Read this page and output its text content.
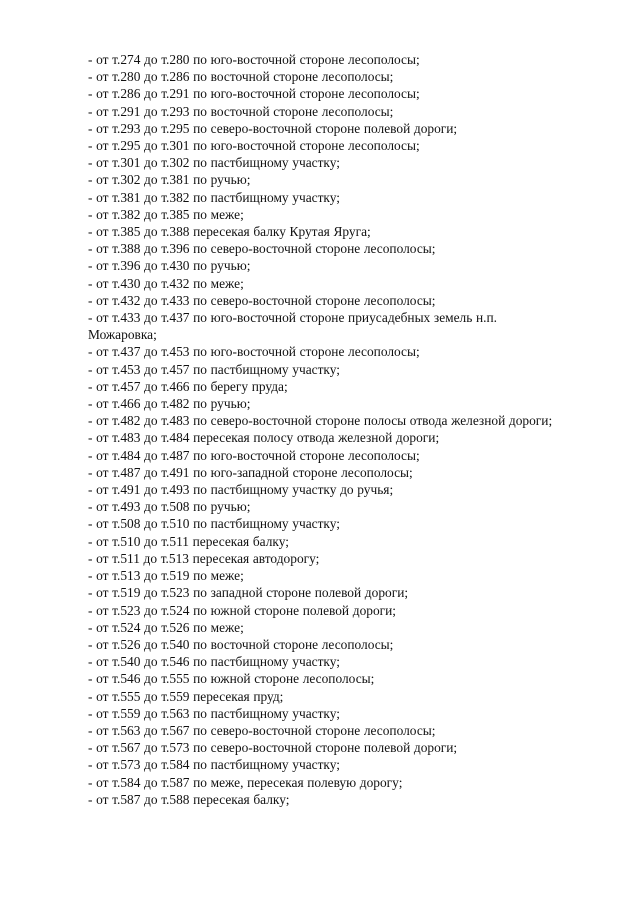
- от т.274 до т.280 по юго-восточной стороне лесополосы;
- от т.280 до т.286 по восточной стороне лесополосы;
- от т.286 до т.291 по юго-восточной стороне лесополосы;
- от т.291 до т.293 по восточной стороне лесополосы;
- от т.293 до т.295 по северо-восточной стороне полевой дороги;
- от т.295 до т.301 по юго-восточной стороне лесополосы;
- от т.301 до т.302 по пастбищному участку;
- от т.302 до т.381 по ручью;
- от т.381 до т.382 по пастбищному участку;
- от т.382 до т.385 по меже;
- от т.385 до т.388 пересекая балку Крутая Яруга;
- от т.388 до т.396 по северо-восточной стороне лесополосы;
- от т.396 до т.430 по ручью;
- от т.430 до т.432 по меже;
- от т.432 до т.433 по северо-восточной стороне лесополосы;
- от т.433 до т.437 по юго-восточной стороне приусадебных земель н.п. Можаровка;
- от т.437 до т.453 по юго-восточной стороне лесополосы;
- от т.453 до т.457 по пастбищному участку;
- от т.457 до т.466 по берегу пруда;
- от т.466 до т.482 по ручью;
- от т.482 до т.483 по северо-восточной стороне полосы отвода железной дороги;
- от т.483 до т.484 пересекая полосу отвода железной дороги;
- от т.484 до т.487 по юго-восточной стороне лесополосы;
- от т.487 до т.491 по юго-западной стороне лесополосы;
- от т.491 до т.493 по пастбищному участку до ручья;
- от т.493 до т.508 по ручью;
- от т.508 до т.510 по пастбищному участку;
- от т.510 до т.511 пересекая балку;
- от т.511 до т.513 пересекая автодорогу;
- от т.513 до т.519 по меже;
- от т.519 до т.523 по западной стороне полевой дороги;
- от т.523 до т.524 по южной стороне полевой дороги;
- от т.524 до т.526 по меже;
- от т.526 до т.540 по восточной стороне лесополосы;
- от т.540 до т.546 по пастбищному участку;
- от т.546 до т.555 по южной стороне лесополосы;
- от т.555 до т.559 пересекая пруд;
- от т.559 до т.563 по пастбищному участку;
- от т.563 до т.567 по северо-восточной стороне лесополосы;
- от т.567 до т.573 по северо-восточной стороне полевой дороги;
- от т.573 до т.584 по пастбищному участку;
- от т.584 до т.587 по меже, пересекая полевую дорогу;
- от т.587 до т.588 пересекая балку;
